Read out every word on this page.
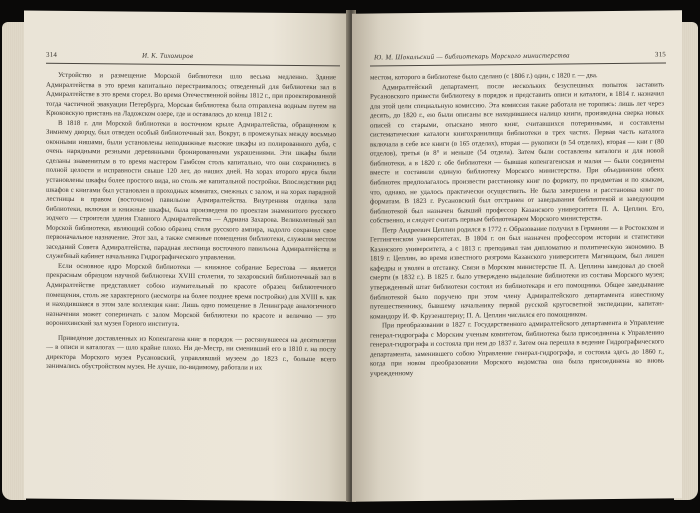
314	И. К. Тихомиров

Устройство и размещение Морской библиотеки шло весьма медленно. Здание Адмиралтейства в это время капитально перестраивалось; отведенный для библиотеки зал в Адмиралтействе в это время сгорел. Во время Отечественной войны 1812 г., при проектированной тогда частичной эвакуации Петербурга, Морская библиотека была отправлена водным путем на Крюковскую пристань на Ладожском озере, где и оставалась до конца 1812 г.

В 1818 г. для Морской библиотеки в восточном крыле Адмиралтейства, обращенном к Зимнему дворцу, был отведен особый библиотечный зал. Вокруг, в промежутках между восьмью оконными нишами, были установлены неподвижные высокие шкафы из полированного дуба, с очень нарядными резными деревянными бронированными украшениями. Эти шкафы были сделаны знаменитым в то время мастером Гамбсом столь капитально, что они сохранились в полной целости и исправности свыше 120 лет, до наших дней. На хорах второго яруса были установлены шкафы более простого вида, но столь же капитальной постройки. Впоследствии ряд шкафов с книгами был установлен в проходных комнатах, смежных с залом, и на хорах парадной лестницы в правом (восточном) павильоне Адмиралтейства. Внутренняя отделка зала библиотеки, включая и книжные шкафы, была произведена по проектам знаменитого русского зодчего — строителя здания Главного Адмиралтейства — Адриана Захарова. Великолепный зал Морской библиотеки, являющий собою образец стиля русского ампира, надолго сохранил свое первоначальное назначение. Этот зал, а также смежные помещения библиотеки, служили местом заседаний Совета Адмиралтейства, парадная лестница восточного павильона Адмиралтейства и служебный кабинет начальника Гидрографического управления.

Если основное ядро Морской библиотеки — книжное собрание Берестова — является прекрасным образцом научной библиотеки XVIII столетия, то захаровский библиотечный зал в Адмиралтействе представляет собою изумительный по красоте образец библиотечного помещения, столь же характерного (несмотря на более позднее время постройки) для XVIII в. как и находившаяся в этом зале коллекция книг. Лишь одно помещение в Ленинграде аналогичного назначения может соперничать с залом Морской библиотеки по красоте и величию — это воронихинский зал музея Горного института.

Приведение доставленных из Копенгагена книг в порядок — растянувшееся на десятилетия — в описи и каталогах — шло крайне плохо. Ни де-Местр, ни сменивший его в 1810 г. на посту директора Морского музея Русановский, управлявший музеем до 1823 г., больше всего занимались обустройством музея. Не лучше, по-видимому, работали и их

Ю. М. Шокальский — библиотекарь Морского министерства	315

местом, которого в библиотеке было сделано (с 1806 г.) один, с 1820 г. — два.

Адмиралтейский департамент, после нескольких безуспешных попыток заставить Русановского привести библиотеку в порядок и представить описи и каталоги, в 1814 г. назначил для этой цели специальную комиссию. Эта комиссия также работала не торопясь: лишь лет через десять, до 1820 г., ею были описаны все находившиеся налицо книги, произведена сверка новых описей со старыми, отыскано много книг, считавшихся потерянными, и составлены систематические каталоги книгохранилища библиотеки в трех частях. Первая часть каталога включала в себе все книги (в 165 отделах), вторая — рукописи (в 54 отделах), вторая — кни г (80 отделов), третья (в 8° и меньше (54 отдела). Затем были составлены каталоги и для новой библиотеки, а в 1820 г. обе библиотеки — бывшая копенгагенская и малая — были соединены вместе и составили единую библиотеку Морского министерства. При объединении обеих библиотек предполагалось произвести расстановку книг по формату, по предметам и по языкам, что, однако, не удалось практически осуществить. Не была завершена и расстановка книг по форматам. В 1823 г. Русановский был отстранен от заведывания библиотекой и заведующим библиотекой был назначен бывший профессор Казанского университета П. А. Цеплин. Его, собственно, и следует считать первым библиотекарем Морского министерства.

Петр Андреевич Цеплин родился в 1772 г. Образование получил в Германии — в Ростокском и Геттингенском университетах. В 1804 г. он был назначен профессором истории и статистики Казанского университета, а с 1813 г. преподавал там дипломатию и политическую экономию. В 1819 г. Цеплин, во время известного разгрома Казанского университета Магницким, был лишен кафедры и уволен в отставку. Связи в Морском министерстве П. А. Цеплина заведовал до своей смерти (в 1832 г.). В 1825 г. было утверждено выделение библиотеки из состава Морского музея; утвержденный штат библиотеки состоял из библиотекаря и его помощника. Общее заведывание библиотекой было поручено при этом члену Адмиралтейского департамента известному путешественнику, бывшему начальнику первой русской кругосветной экспедиции, капитан-командору И. Ф. Крузенштерну; П. А. Цеплин числился его помощником.

При преобразовании в 1827 г. Государственного адмиралтейского департамента в Управление генерал-гидрографа с Морским ученым комитетом, библиотека была присоединена к Управлению генерал-гидрографа и состояла при нем до 1837 г. Затем она перешла в ведение Гидрографического департамента, заменившего собою Управление генерал-гидрографа, и состояла здесь до 1860 г., когда при новом преобразовании Морского ведомства она была присоединена ко вновь учрежденному
